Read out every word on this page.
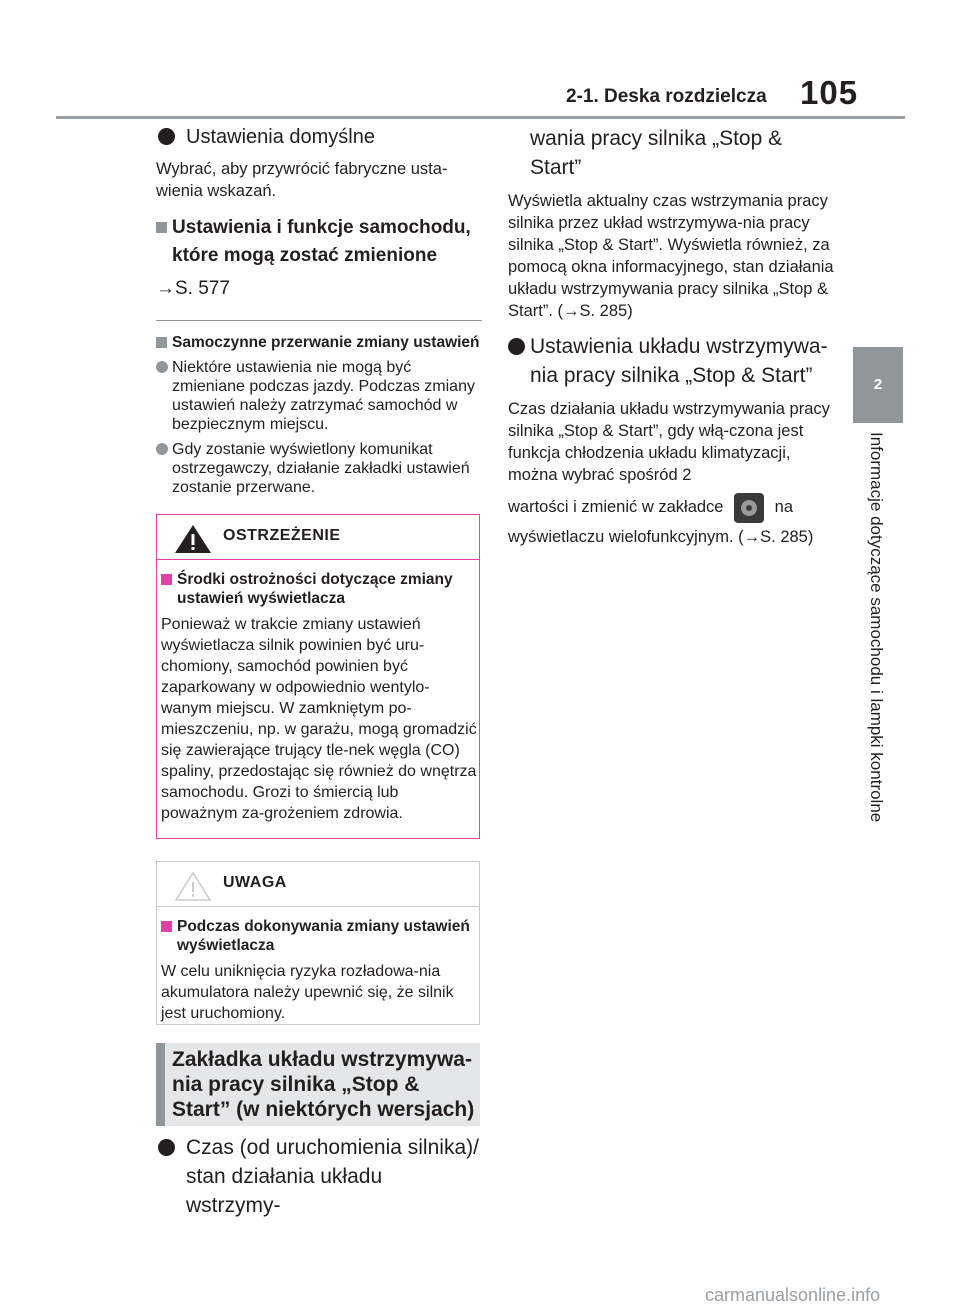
2-1. Deska rozdzielcza 105
2
Informacje dotyczące samochodu i lampki kontrolne

Ustawienia domyślne

Wybrać, aby przywrócić fabryczne usta-wienia wskazań.

Ustawienia i funkcje samochodu, które mogą zostać zmienione

→S. 577

Samoczynne przerwanie zmiany ustawień

Niektóre ustawienia nie mogą być zmieniane podczas jazdy. Podczas zmiany ustawień należy zatrzymać samochód w bezpiecznym miejscu.

Gdy zostanie wyświetlony komunikat ostrzegawczy, działanie zakładki ustawień zostanie przerwane.

OSTRZEŻENIE

Środki ostrożności dotyczące zmiany ustawień wyświetlacza

Ponieważ w trakcie zmiany ustawień wyświetlacza silnik powinien być uru-chomiony, samochód powinien być zaparkowany w odpowiednio wentylo-wanym miejscu. W zamkniętym po-mieszczeniu, np. w garażu, mogą gromadzić się zawierające trujący tle-nek węgla (CO) spaliny, przedostając się również do wnętrza samochodu. Grozi to śmiercią lub poważnym za-grożeniem zdrowia.

UWAGA

Podczas dokonywania zmiany ustawień wyświetlacza

W celu uniknięcia ryzyka rozładowa-nia akumulatora należy upewnić się, że silnik jest uruchomiony.

Zakładka układu wstrzymywa-nia pracy silnika „Stop & Start” (w niektórych wersjach)

Czas (od uruchomienia silnika)/ stan działania układu wstrzymy-

wania pracy silnika „Stop & Start”

Wyświetla aktualny czas wstrzymania pracy silnika przez układ wstrzymywa-nia pracy silnika „Stop & Start”. Wyświetla również, za pomocą okna informacyjnego, stan działania układu wstrzymywania pracy silnika „Stop & Start”. (→S. 285)

Ustawienia układu wstrzymywa-nia pracy silnika „Stop & Start”

Czas działania układu wstrzymywania pracy silnika „Stop & Start”, gdy włą-czona jest funkcja chłodzenia układu klimatyzacji, można wybrać spośród 2

wartości i zmienić w zakładce	na

wyświetlaczu wielofunkcyjnym. (→S. 285)

carmanualsonline.info
